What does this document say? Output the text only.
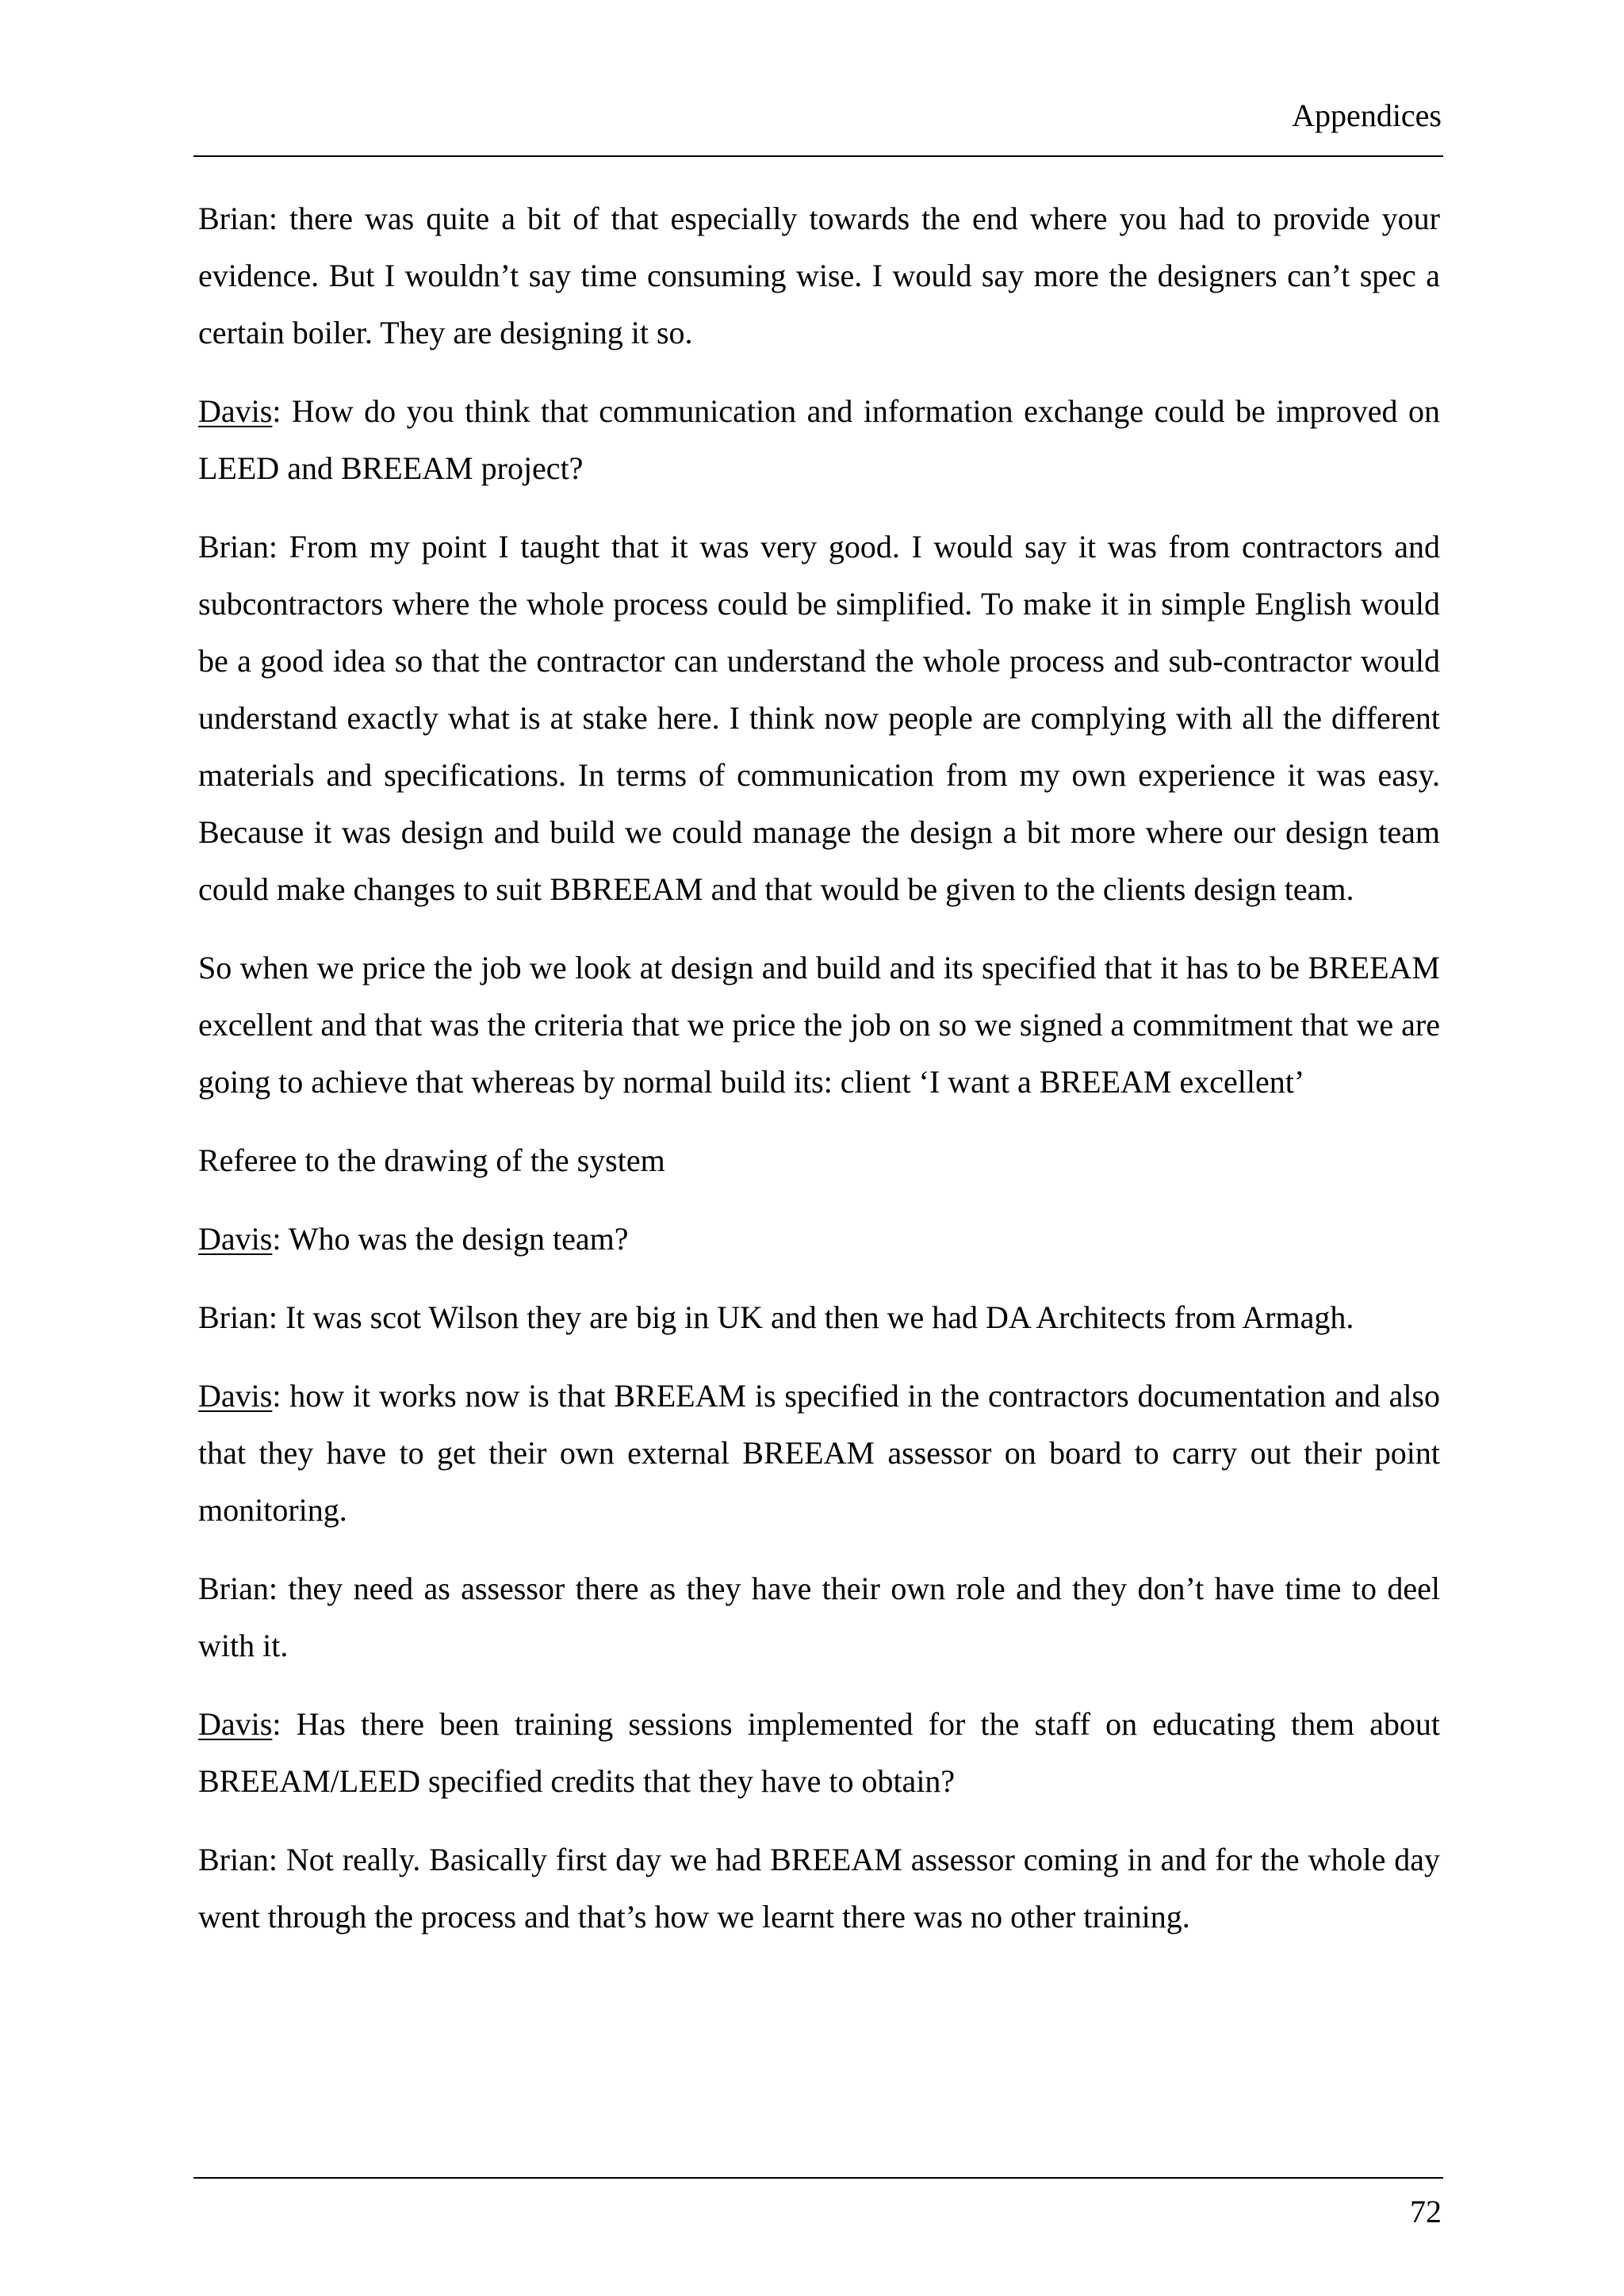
Appendices

Brian: there was quite a bit of that especially towards the end where you had to provide your evidence. But I wouldn’t say time consuming wise. I would say more the designers can’t spec a certain boiler. They are designing it so.

Davis: How do you think that communication and information exchange could be improved on LEED and BREEAM project?

Brian: From my point I taught that it was very good. I would say it was from contractors and subcontractors where the whole process could be simplified. To make it in simple English would be a good idea so that the contractor can understand the whole process and sub-contractor would understand exactly what is at stake here. I think now people are complying with all the different materials and specifications. In terms of communication from my own experience it was easy. Because it was design and build we could manage the design a bit more where our design team could make changes to suit BBREEAM and that would be given to the clients design team.

So when we price the job we look at design and build and its specified that it has to be BREEAM excellent and that was the criteria that we price the job on so we signed a commitment that we are going to achieve that whereas by normal build its: client ‘I want a BREEAM excellent’

Referee to the drawing of the system

Davis: Who was the design team?

Brian: It was scot Wilson they are big in UK and then we had DA Architects from Armagh.

Davis: how it works now is that BREEAM is specified in the contractors documentation and also that they have to get their own external BREEAM assessor on board to carry out their point monitoring.

Brian: they need as assessor there as they have their own role and they don’t have time to deel with it.

Davis: Has there been training sessions implemented for the staff on educating them about BREEAM/LEED specified credits that they have to obtain?

Brian: Not really. Basically first day we had BREEAM assessor coming in and for the whole day went through the process and that’s how we learnt there was no other training.

72
